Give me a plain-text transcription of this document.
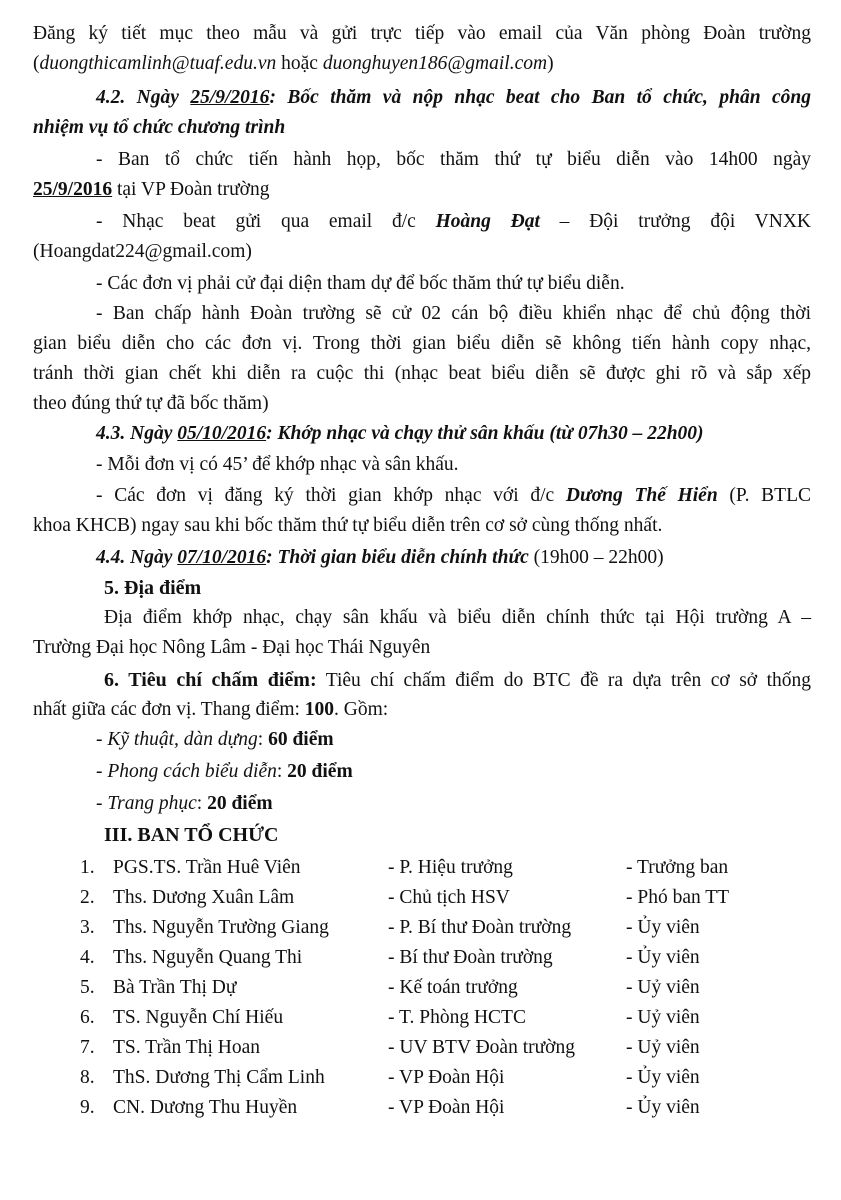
Đăng ký tiết mục theo mẫu và gửi trực tiếp vào email của Văn phòng Đoàn trường
(duongthicamlinh@tuaf.edu.vn hoặc duonghuyen186@gmail.com)
4.2. Ngày 25/9/2016: Bốc thăm và nộp nhạc beat cho Ban tổ chức, phân công
nhiệm vụ tổ chức chương trình
- Ban tổ chức tiến hành họp, bốc thăm thứ tự biểu diễn vào 14h00 ngày
25/9/2016 tại VP Đoàn trường
- Nhạc beat gửi qua email đ/c Hoàng Đạt – Đội trưởng đội VNXK
(Hoangdat224@gmail.com)
- Các đơn vị phải cử đại diện tham dự để bốc thăm thứ tự biểu diễn.
- Ban chấp hành Đoàn trường sẽ cử 02 cán bộ điều khiển nhạc để chủ động thời
gian biểu diễn cho các đơn vị. Trong thời gian biểu diễn sẽ không tiến hành copy nhạc,
tránh thời gian chết khi diễn ra cuộc thi (nhạc beat biểu diễn sẽ được ghi rõ và sắp xếp
theo đúng thứ tự đã bốc thăm)
4.3. Ngày 05/10/2016: Khớp nhạc và chạy thử sân khấu (từ 07h30 – 22h00)
- Mỗi đơn vị có 45’ để khớp nhạc và sân khấu.
- Các đơn vị đăng ký thời gian khớp nhạc với đ/c Dương Thế Hiển (P. BTLC
khoa KHCB) ngay sau khi bốc thăm thứ tự biểu diễn trên cơ sở cùng thống nhất.
4.4. Ngày 07/10/2016: Thời gian biểu diễn chính thức (19h00 – 22h00)
5. Địa điểm
Địa điểm khớp nhạc, chạy sân khấu và biểu diễn chính thức tại Hội trường A –
Trường Đại học Nông Lâm - Đại học Thái Nguyên
6. Tiêu chí chấm điểm: Tiêu chí chấm điểm do BTC đề ra dựa trên cơ sở thống
nhất giữa các đơn vị. Thang điểm: 100. Gồm:
- Kỹ thuật, dàn dựng: 60 điểm
- Phong cách biểu diễn: 20 điểm
- Trang phục: 20 điểm
III. BAN TỔ CHỨC
1. PGS.TS. Trần Huê Viên	- P. Hiệu trưởng	- Trưởng ban
2. Ths. Dương Xuân Lâm	- Chủ tịch HSV	- Phó ban TT
3. Ths. Nguyễn Trường Giang	- P. Bí thư Đoàn trường	- Ủy viên
4. Ths. Nguyễn Quang Thi	- Bí thư Đoàn trường	- Ủy viên
5. Bà Trần Thị Dự	- Kế toán trưởng	- Uỷ viên
6. TS. Nguyễn Chí Hiếu	- T. Phòng HCTC	- Uỷ viên
7. TS. Trần Thị Hoan	- UV BTV Đoàn trường	- Uỷ viên
8. ThS. Dương Thị Cẩm Linh	- VP Đoàn Hội	- Ủy viên
9. CN. Dương Thu Huyền	- VP Đoàn Hội	- Ủy viên
